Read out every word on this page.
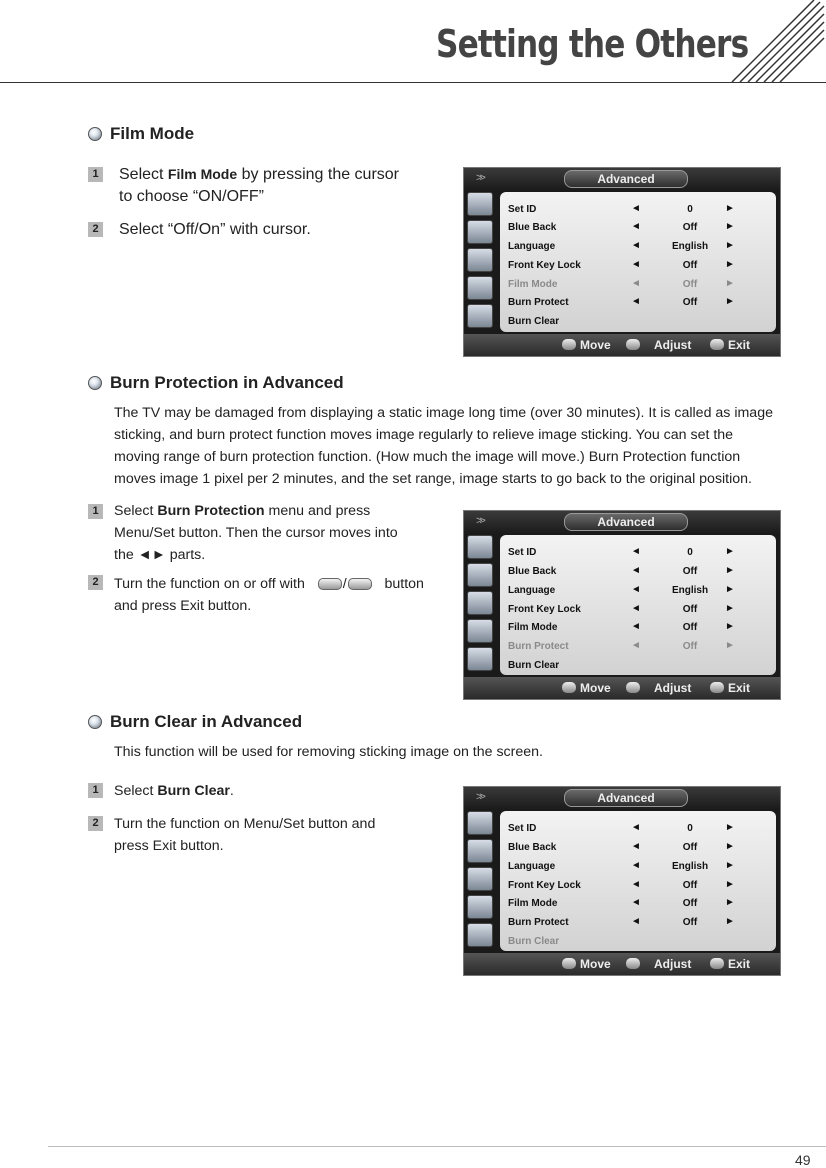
Setting the Others
Film Mode
1 Select Film Mode by pressing the cursor
to choose “ON/OFF”
2 Select “Off/On” with cursor.
>>	Advanced
Set ID	◄	0	►
Blue Back	◄	Off	►
Language	◄	English	►
Front Key Lock	◄	Off	►
Film Mode	◄	Off	►
Burn Protect	◄	Off	►
Burn Clear
Move	Adjust	Exit
Burn Protection in Advanced
The TV may be damaged from displaying a static image long time (over 30 minutes). It is called as image sticking, and burn protect function moves image regularly to relieve image sticking. You can set the moving range of burn protection function. (How much the image will move.) Burn Protection function moves image 1 pixel per 2 minutes, and the set range, image starts to go back to the original position.
1	Select Burn Protection menu and press
Menu/Set button. Then the cursor moves into
the ◄► parts.
2	Turn the function on or off with	/	button
and press Exit button.
>>	Advanced
Set ID	◄	0	►
Blue Back	◄	Off	►
Language	◄	English	►
Front Key Lock	◄	Off	►
Film Mode	◄	Off	►
Burn Protect	◄	Off	►
Burn Clear
Move	Adjust	Exit
Burn Clear in Advanced
This function will be used for removing sticking image on the screen.
1	Select Burn Clear.
2	Turn the function on Menu/Set button and
press Exit button.
>>	Advanced
Set ID	◄	0	►
Blue Back	◄	Off	►
Language	◄	English	►
Front Key Lock	◄	Off	►
Film Mode	◄	Off	►
Burn Protect	◄	Off	►
Burn Clear
Move	Adjust	Exit
49
